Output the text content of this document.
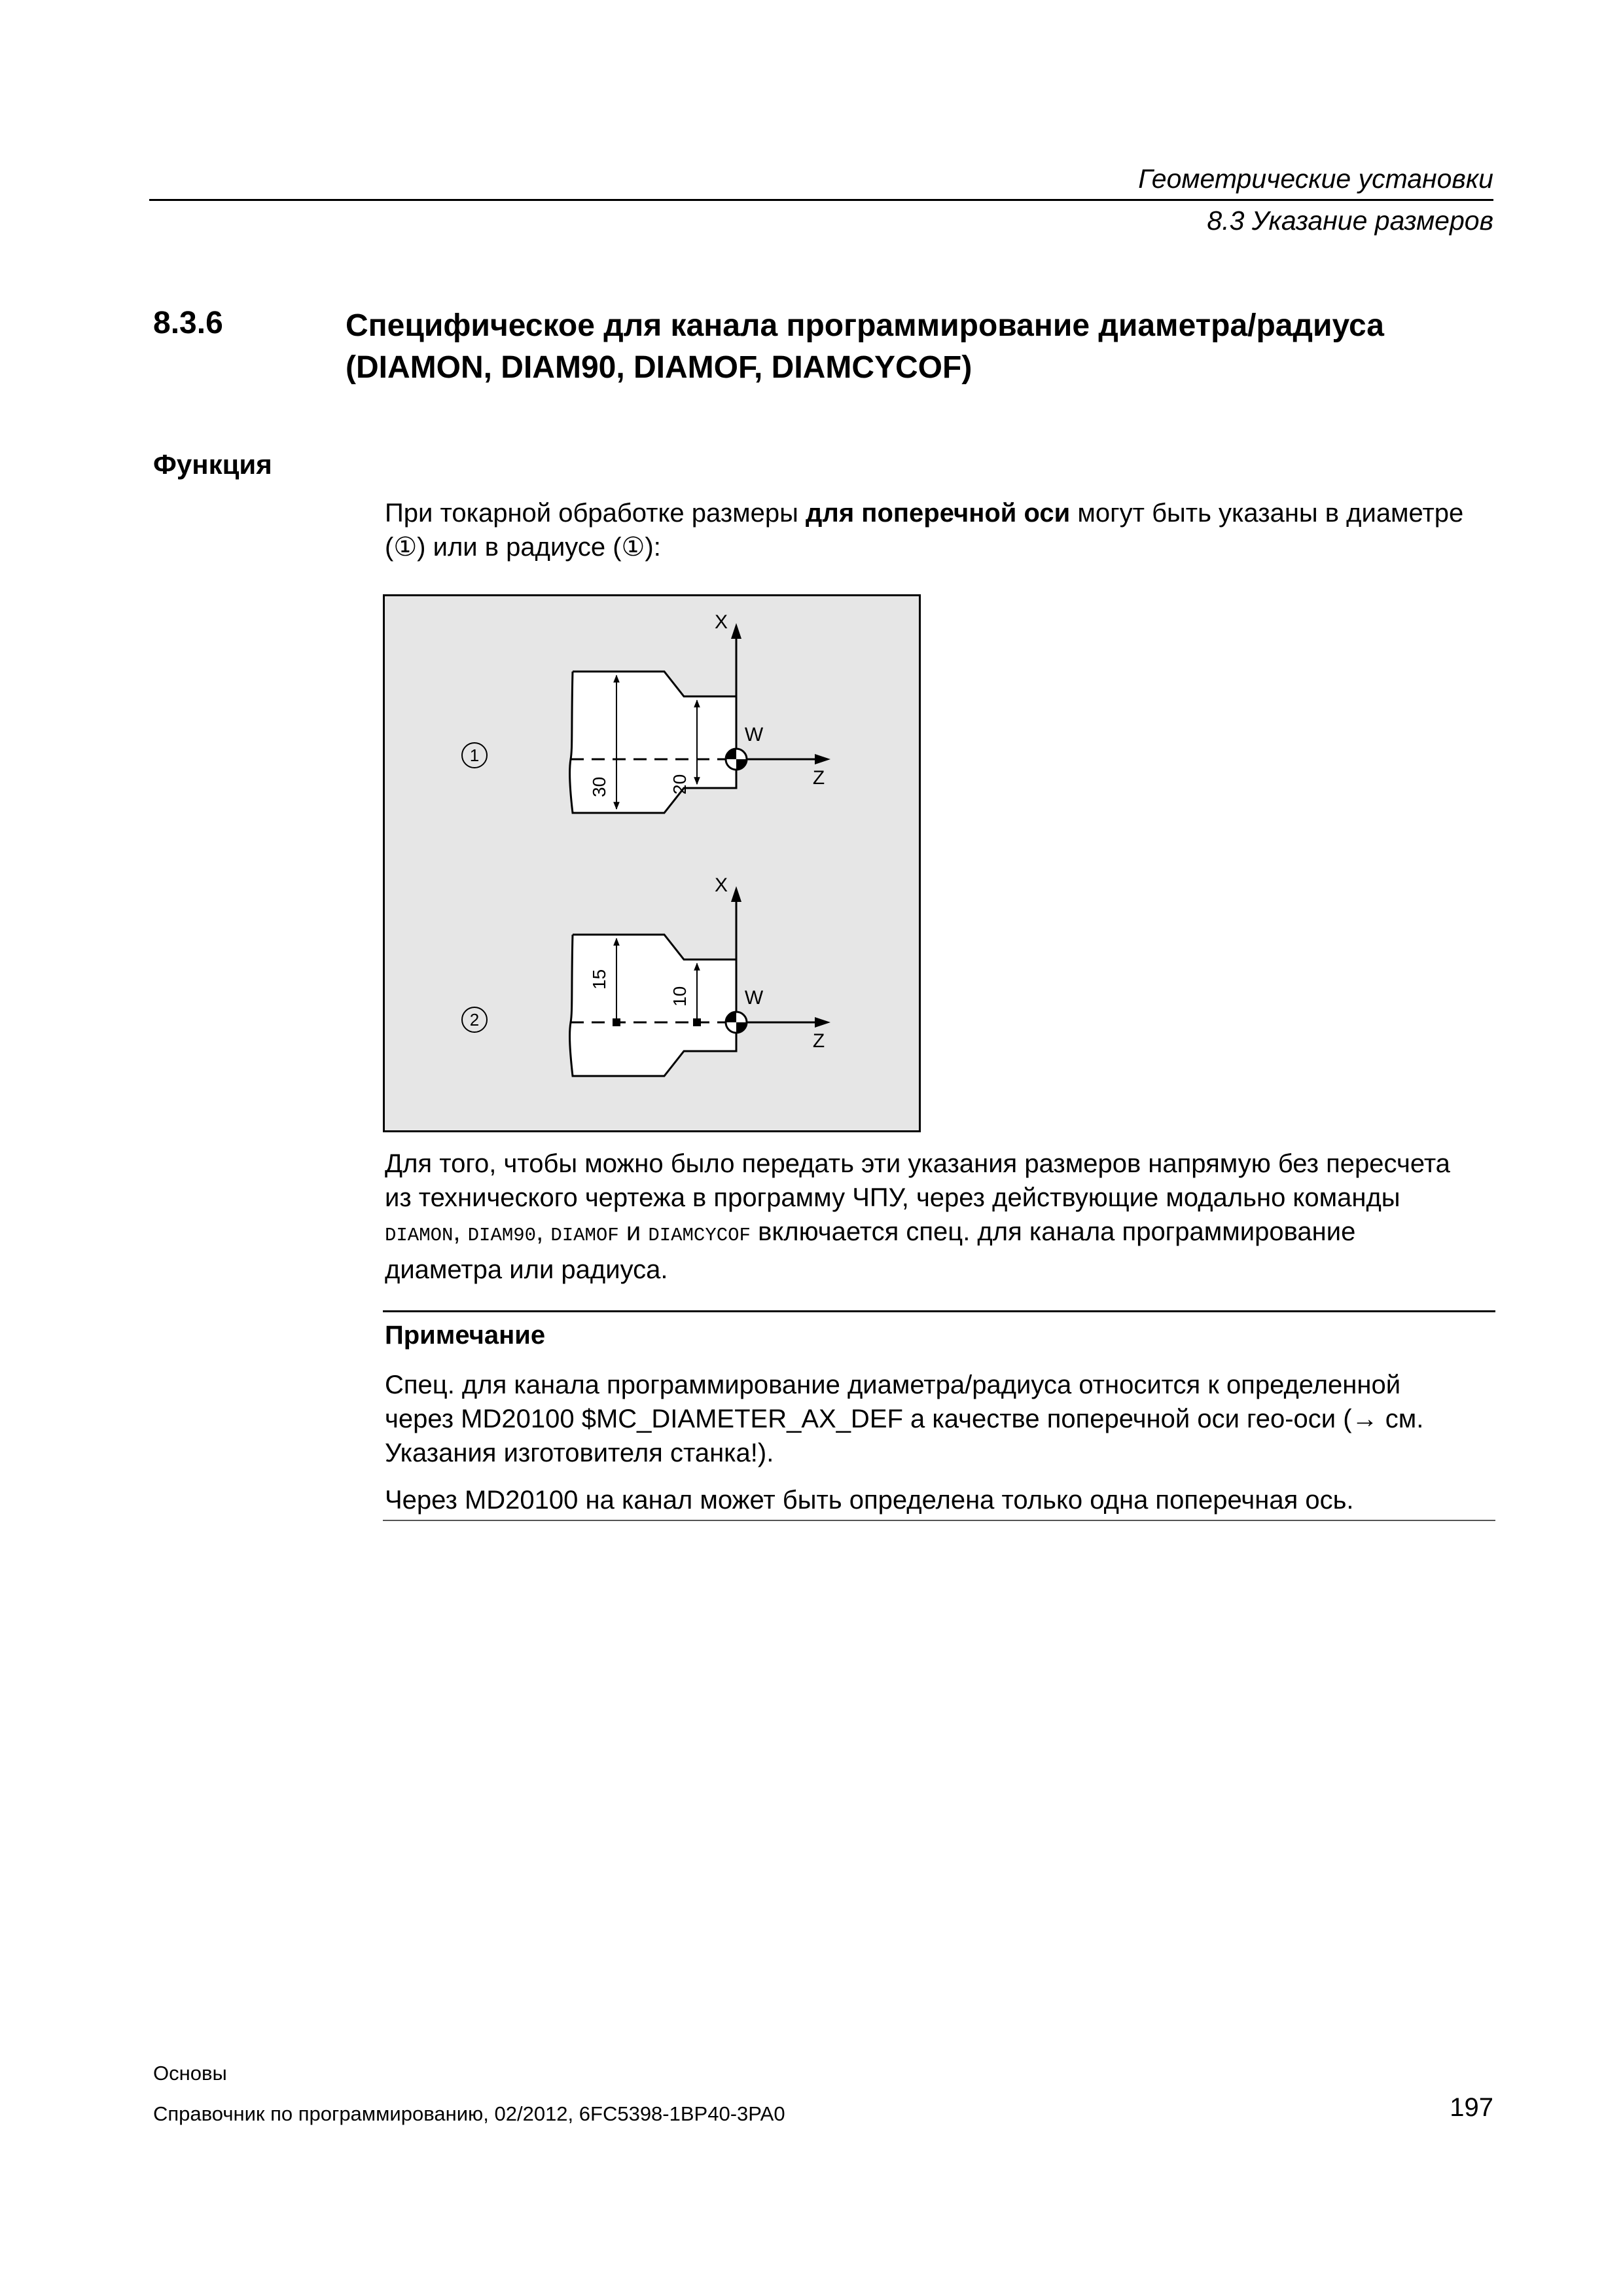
Геометрические установки
8.3 Указание размеров
8.3.6	Специфическое для канала программирование диаметра/радиуса
(DIAMON, DIAM90, DIAMOF, DIAMCYCOF)
Функция
При токарной обработке размеры для поперечной оси могут быть указаны в диаметре
(①) или в радиусе (①):
1
X
W
Z
30	20
2
X
W
Z
15
10
Для того, чтобы можно было передать эти указания размеров напрямую без пересчета
из технического чертежа в программу ЧПУ, через действующие модально команды
DIAMON, DIAM90, DIAMOF и DIAMCYCOF включается спец. для канала программирование
диаметра или радиуса.
Примечание
Спец. для канала программирование диаметра/радиуса относится к определенной
через MD20100 $MC_DIAMETER_AX_DEF а качестве поперечной оси гео-оси (→ см.
Указания изготовителя станка!).
Через MD20100 на канал может быть определена только одна поперечная ось.
Основы
Справочник по программированию, 02/2012, 6FC5398-1BP40-3PA0	197
